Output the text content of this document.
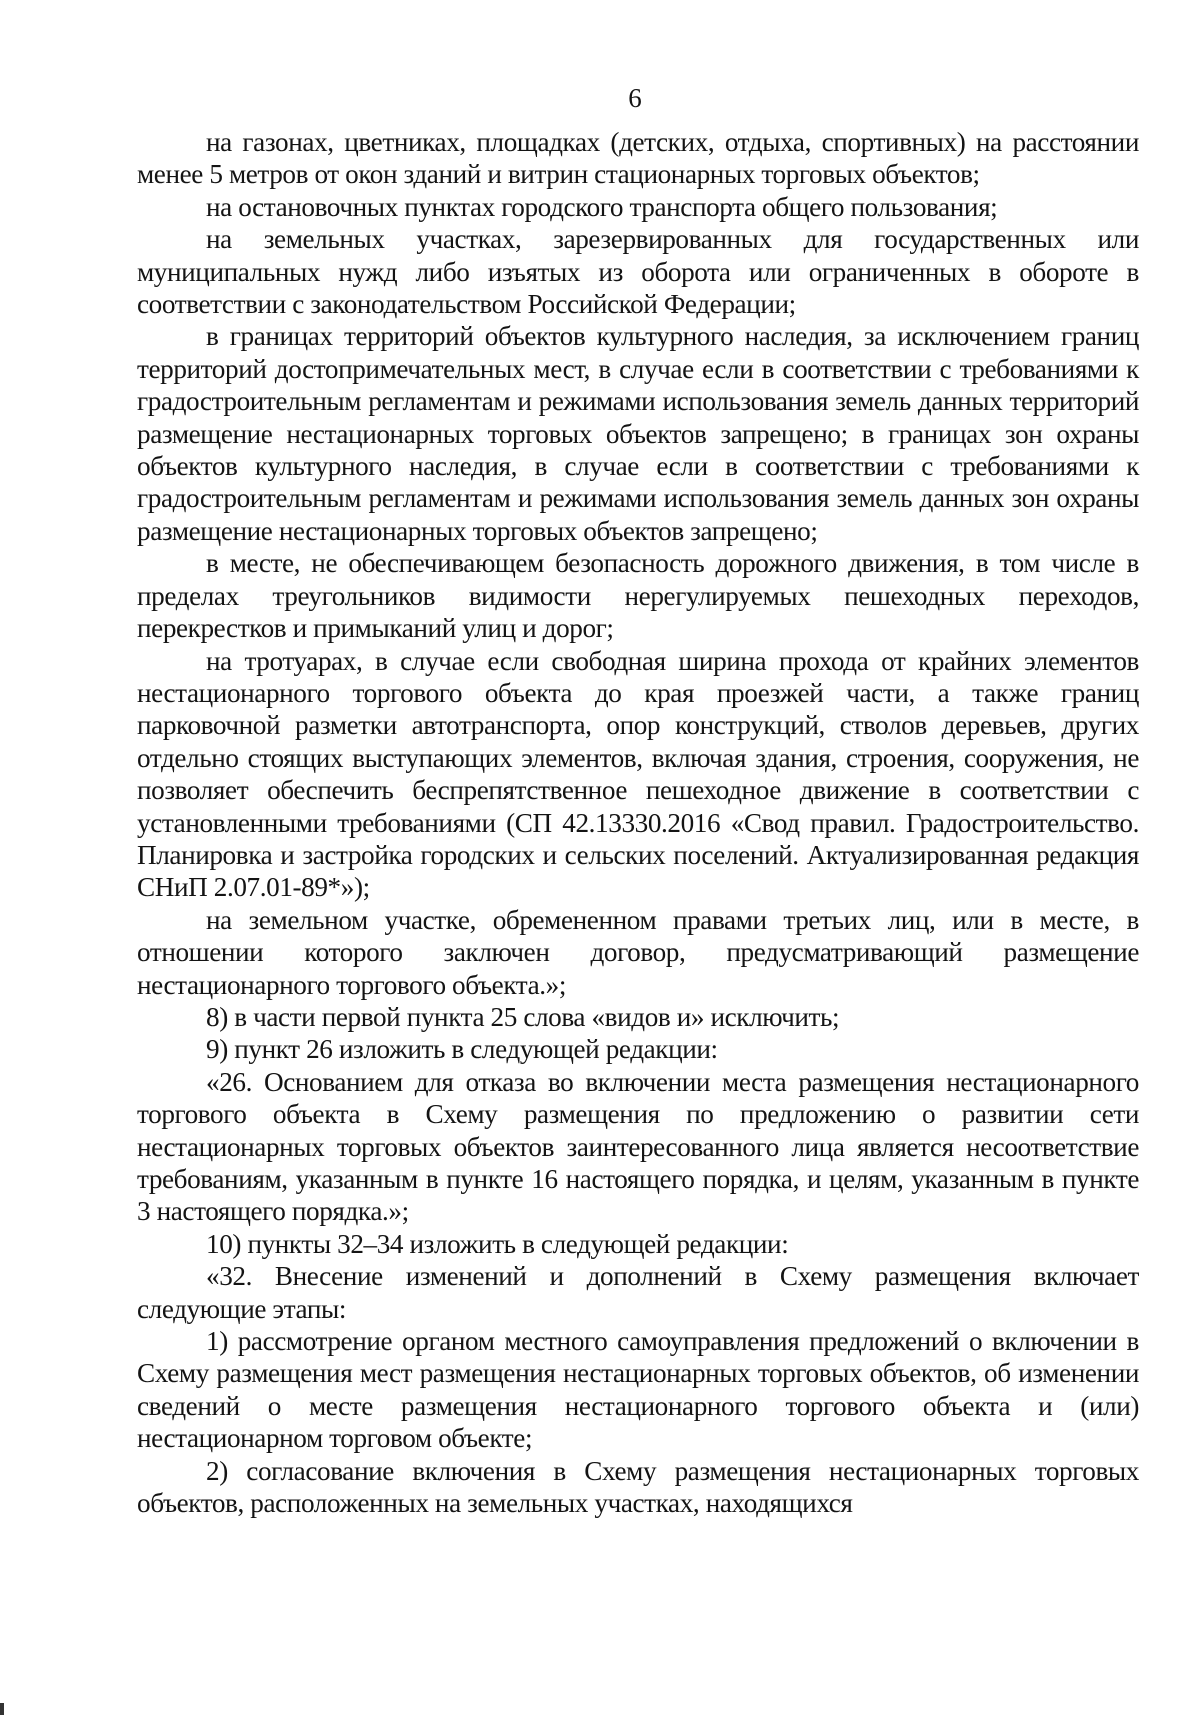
6

на газонах, цветниках, площадках (детских, отдыха, спортивных) на расстоянии менее 5 метров от окон зданий и витрин стационарных торговых объектов;

на остановочных пунктах городского транспорта общего пользования;

на земельных участках, зарезервированных для государственных или муниципальных нужд либо изъятых из оборота или ограниченных в обороте в соответствии с законодательством Российской Федерации;

в границах территорий объектов культурного наследия, за исключением границ территорий достопримечательных мест, в случае если в соответствии с требованиями к градостроительным регламентам и режимами использования земель данных территорий размещение нестационарных торговых объектов запрещено; в границах зон охраны объектов культурного наследия, в случае если в соответствии с требованиями к градостроительным регламентам и режимами использования земель данных зон охраны размещение нестационарных торговых объектов запрещено;

в месте, не обеспечивающем безопасность дорожного движения, в том числе в пределах треугольников видимости нерегулируемых пешеходных переходов, перекрестков и примыканий улиц и дорог;

на тротуарах, в случае если свободная ширина прохода от крайних элементов нестационарного торгового объекта до края проезжей части, а также границ парковочной разметки автотранспорта, опор конструкций, стволов деревьев, других отдельно стоящих выступающих элементов, включая здания, строения, сооружения, не позволяет обеспечить беспрепятственное пешеходное движение в соответствии с установленными требованиями (СП 42.13330.2016 «Свод правил. Градостроительство. Планировка и застройка городских и сельских поселений. Актуализированная редакция СНиП 2.07.01-89*»);

на земельном участке, обремененном правами третьих лиц, или в месте, в отношении которого заключен договор, предусматривающий размещение нестационарного торгового объекта.»;

8) в части первой пункта 25 слова «видов и» исключить;

9) пункт 26 изложить в следующей редакции:

«26. Основанием для отказа во включении места размещения нестационарного торгового объекта в Схему размещения по предложению о развитии сети нестационарных торговых объектов заинтересованного лица является несоответствие требованиям, указанным в пункте 16 настоящего порядка, и целям, указанным в пункте 3 настоящего порядка.»;

10) пункты 32–34 изложить в следующей редакции:

«32. Внесение изменений и дополнений в Схему размещения включает следующие этапы:

1) рассмотрение органом местного самоуправления предложений о включении в Схему размещения мест размещения нестационарных торговых объектов, об изменении сведений о месте размещения нестационарного торгового объекта и (или) нестационарном торговом объекте;

2) согласование включения в Схему размещения нестационарных торговых объектов, расположенных на земельных участках, находящихся
